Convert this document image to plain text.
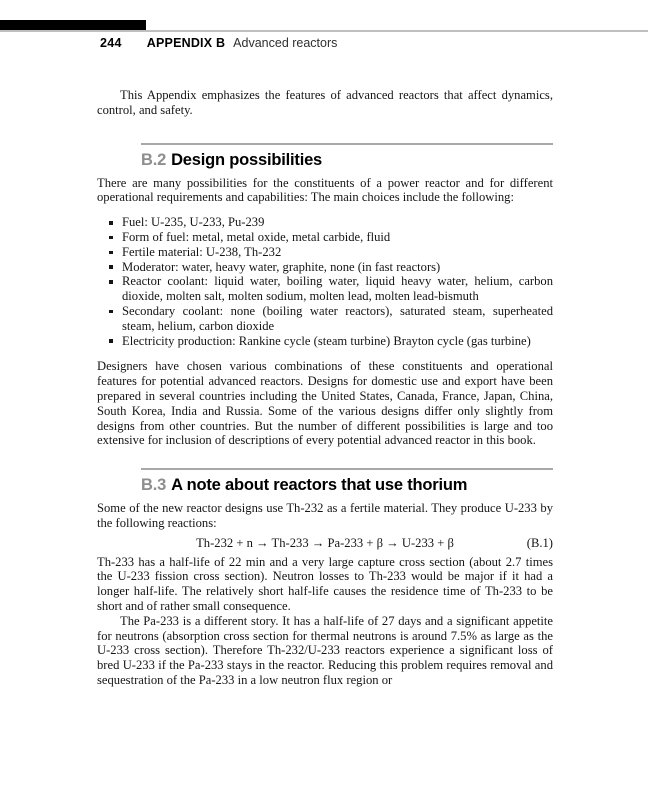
244 APPENDIX B Advanced reactors

This Appendix emphasizes the features of advanced reactors that affect dynamics, control, and safety.

B.2 Design possibilities

There are many possibilities for the constituents of a power reactor and for different operational requirements and capabilities: The main choices include the following:

Fuel: U-235, U-233, Pu-239
Form of fuel: metal, metal oxide, metal carbide, fluid
Fertile material: U-238, Th-232
Moderator: water, heavy water, graphite, none (in fast reactors)
Reactor coolant: liquid water, boiling water, liquid heavy water, helium, carbon dioxide, molten salt, molten sodium, molten lead, molten lead-bismuth
Secondary coolant: none (boiling water reactors), saturated steam, superheated steam, helium, carbon dioxide
Electricity production: Rankine cycle (steam turbine) Brayton cycle (gas turbine)

Designers have chosen various combinations of these constituents and operational features for potential advanced reactors. Designs for domestic use and export have been prepared in several countries including the United States, Canada, France, Japan, China, South Korea, India and Russia. Some of the various designs differ only slightly from designs from other countries. But the number of different possibilities is large and too extensive for inclusion of descriptions of every potential advanced reactor in this book.

B.3 A note about reactors that use thorium

Some of the new reactor designs use Th-232 as a fertile material. They produce U-233 by the following reactions:

Th-232 + n → Th-233 → Pa-233 + β → U-233 + β	(B.1)

Th-233 has a half-life of 22 min and a very large capture cross section (about 2.7 times the U-233 fission cross section). Neutron losses to Th-233 would be major if it had a longer half-life. The relatively short half-life causes the residence time of Th-233 to be short and of rather small consequence.

The Pa-233 is a different story. It has a half-life of 27 days and a significant appetite for neutrons (absorption cross section for thermal neutrons is around 7.5% as large as the U-233 cross section). Therefore Th-232/U-233 reactors experience a significant loss of bred U-233 if the Pa-233 stays in the reactor. Reducing this problem requires removal and sequestration of the Pa-233 in a low neutron flux region or
